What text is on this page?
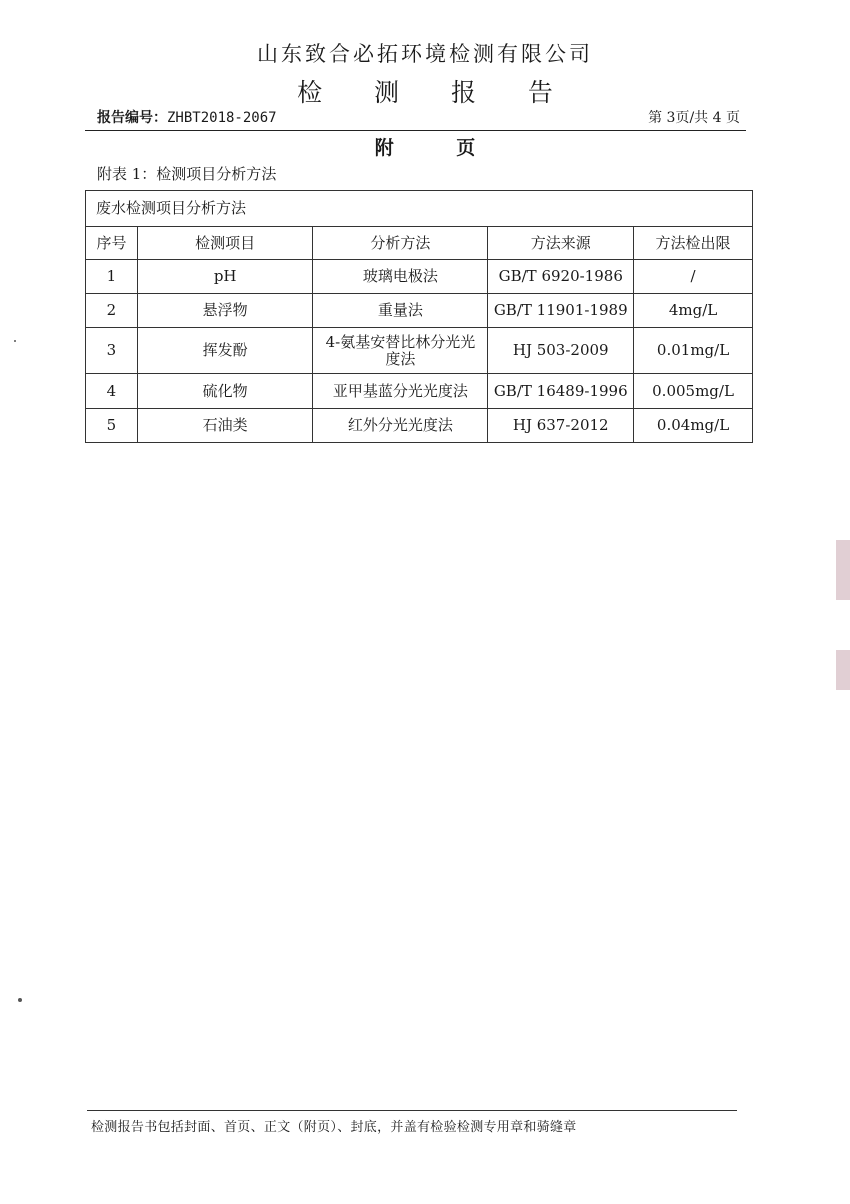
山东致合必拓环境检测有限公司
检 测 报 告
报告编号：ZHBT2018-2067	第 3页/共 4 页
附 页
附表 1：检测项目分析方法
废水检测项目分析方法				
序号	检测项目	分析方法	方法来源	方法检出限
1	pH	玻璃电极法	GB/T 6920-1986	/
2	悬浮物	重量法	GB/T 11901-1989	4mg/L
3	挥发酚	4-氨基安替比林分光光度法	HJ 503-2009	0.01mg/L
4	硫化物	亚甲基蓝分光光度法	GB/T 16489-1996	0.005mg/L
5	石油类	红外分光光度法	HJ 637-2012	0.04mg/L
检测报告书包括封面、首页、正文（附页）、封底，并盖有检验检测专用章和骑缝章
